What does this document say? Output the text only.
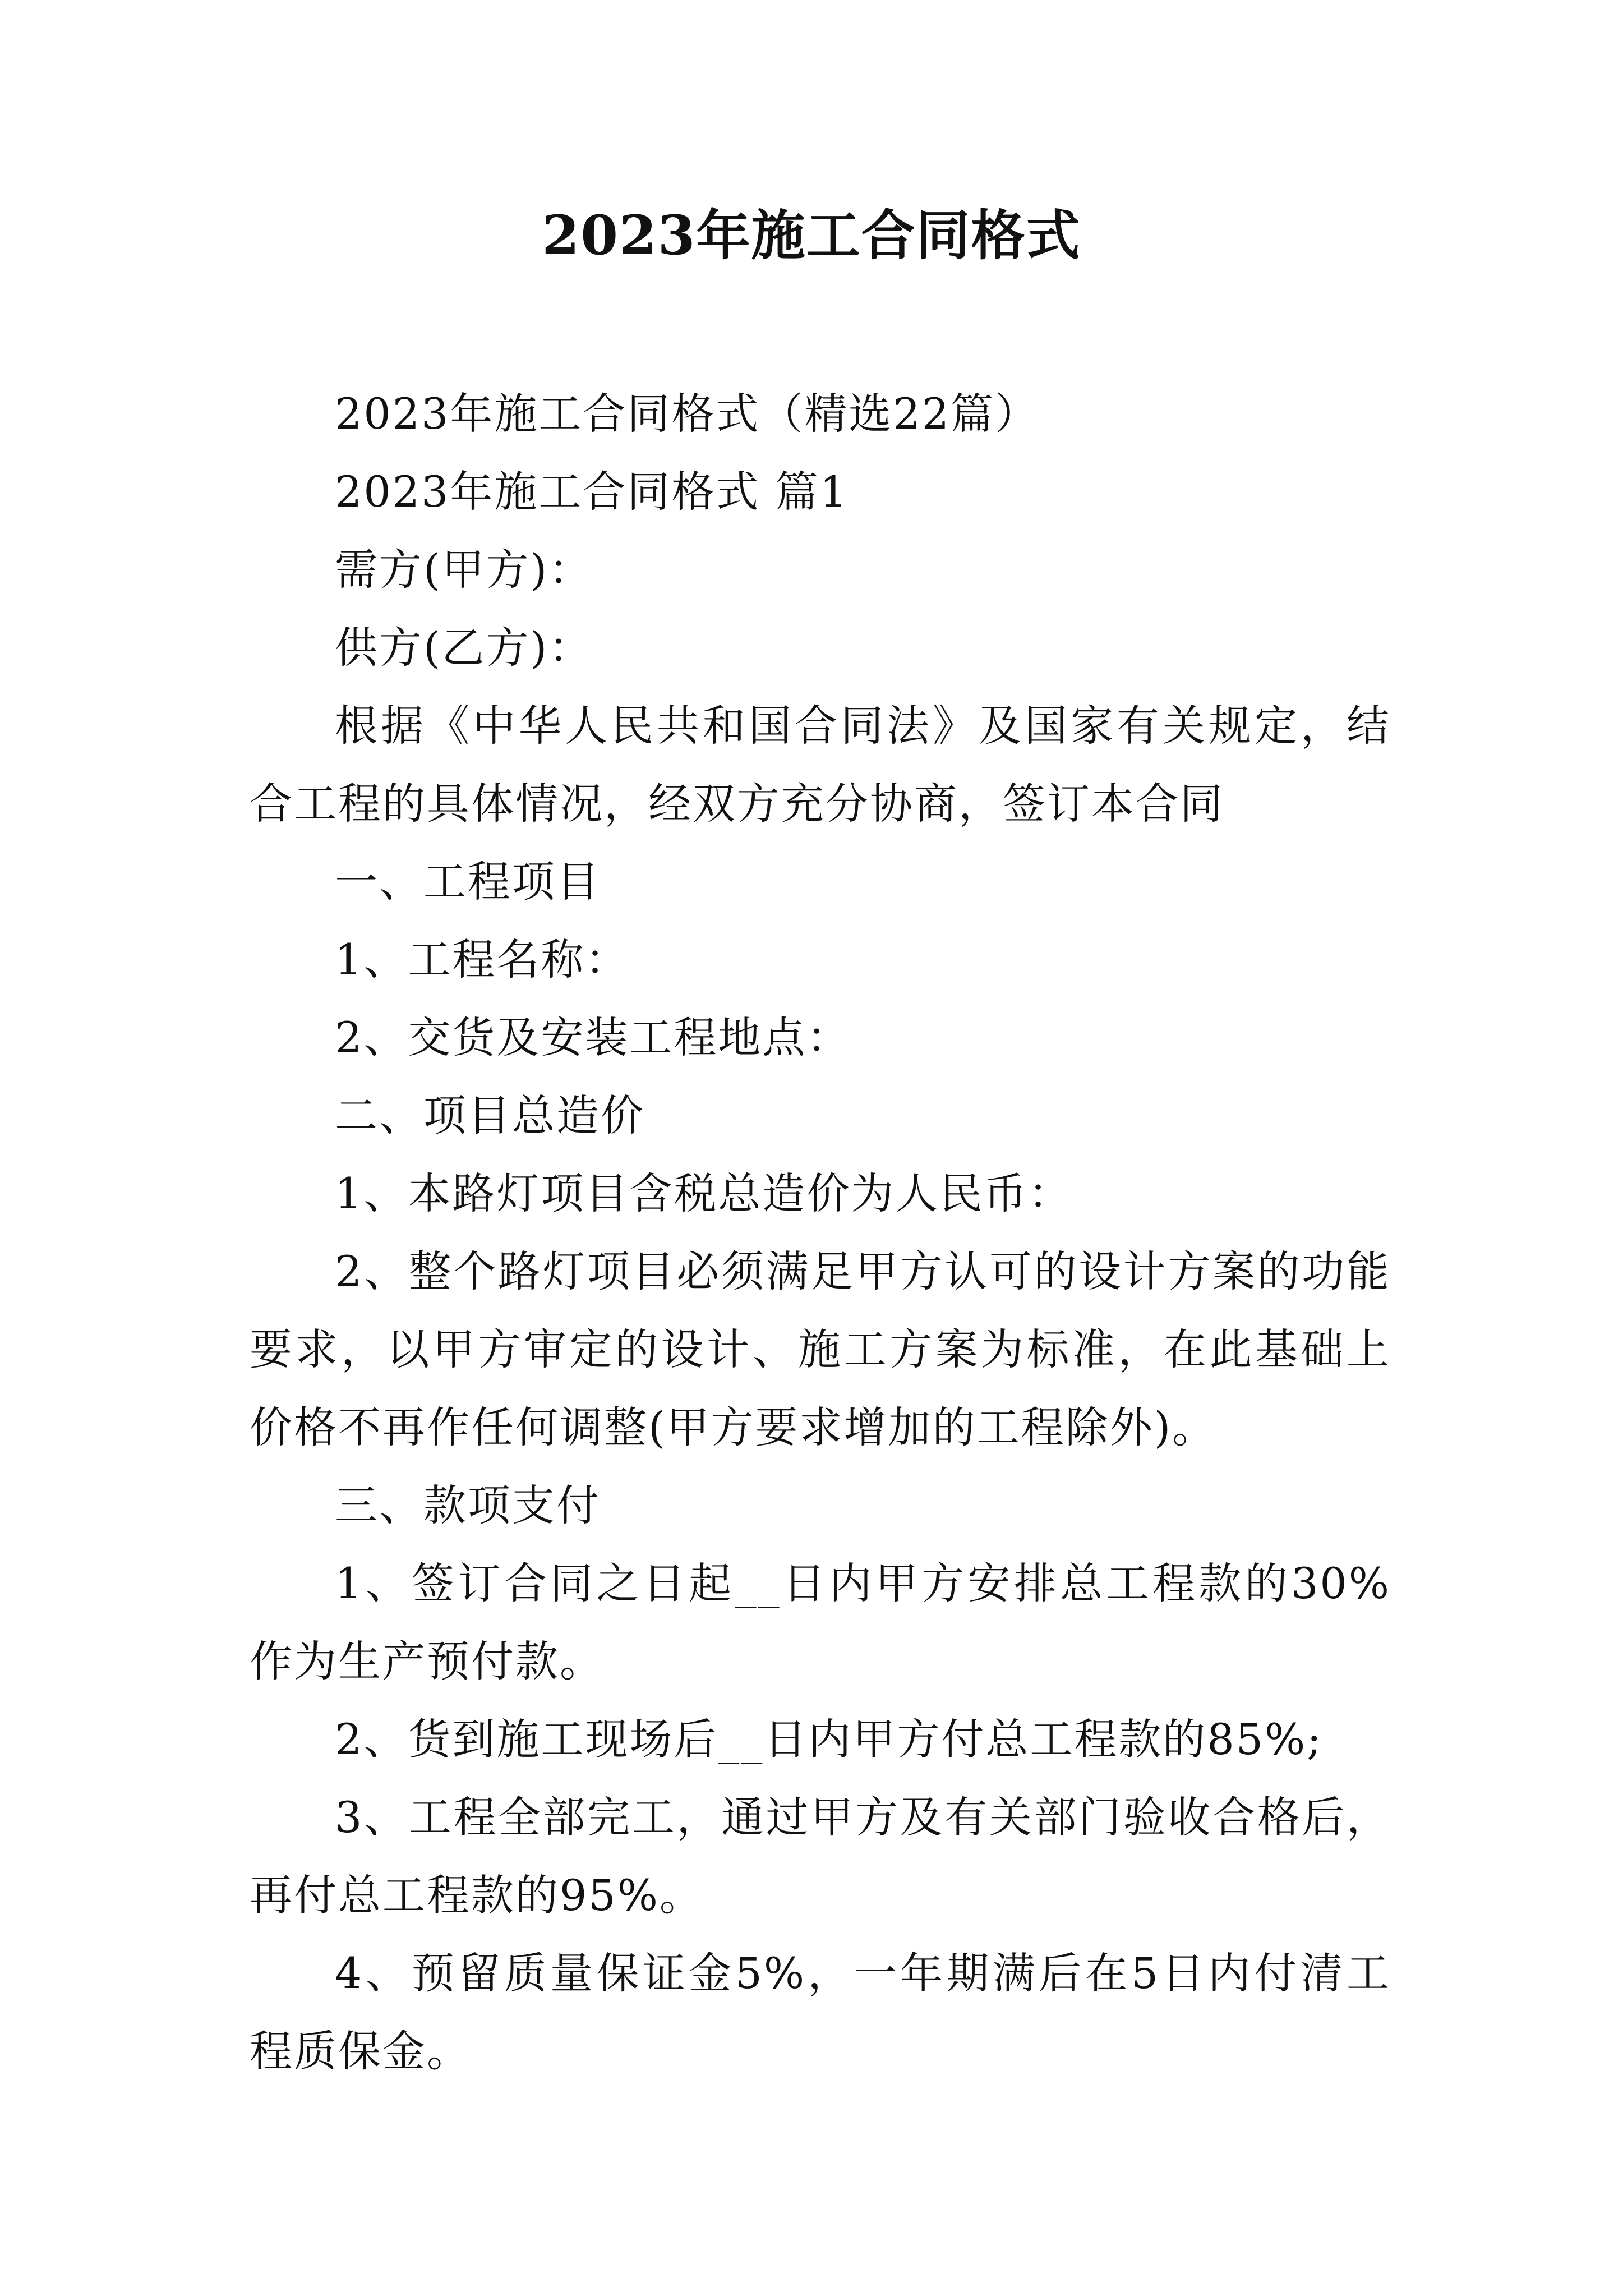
2023年施工合同格式

2023年施工合同格式（精选22篇）

2023年施工合同格式 篇1

需方(甲方)：

供方(乙方)：

根据《中华人民共和国合同法》及国家有关规定，结合工程的具体情况，经双方充分协商，签订本合同

一、工程项目

1、工程名称：

2、交货及安装工程地点：

二、项目总造价

1、本路灯项目含税总造价为人民币：

2、整个路灯项目必须满足甲方认可的设计方案的功能要求，以甲方审定的设计、施工方案为标准，在此基础上价格不再作任何调整(甲方要求增加的工程除外)。

三、款项支付

1、签订合同之日起__日内甲方安排总工程款的30%作为生产预付款。

2、货到施工现场后__日内甲方付总工程款的85%;

3、工程全部完工，通过甲方及有关部门验收合格后，再付总工程款的95%。

4、预留质量保证金5%，一年期满后在5日内付清工程质保金。
